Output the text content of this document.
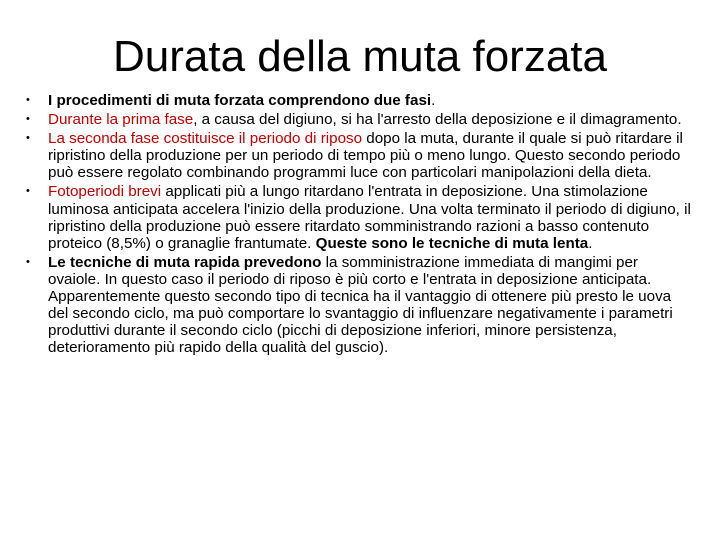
Durata della muta forzata
• I procedimenti di muta forzata comprendono due fasi.
• Durante la prima fase, a causa del digiuno, si ha l'arresto della deposizione e il dimagramento.
• La seconda fase costituisce il periodo di riposo dopo la muta, durante il quale si può ritardare il ripristino della produzione per un periodo di tempo più o meno lungo. Questo secondo periodo può essere regolato combinando programmi luce con particolari manipolazioni della dieta.
• Fotoperiodi brevi applicati più a lungo ritardano l'entrata in deposizione. Una stimolazione luminosa anticipata accelera l'inizio della produzione. Una volta terminato il periodo di digiuno, il ripristino della produzione può essere ritardato somministrando razioni a basso contenuto proteico (8,5%) o granaglie frantumate. Queste sono le tecniche di muta lenta.
• Le tecniche di muta rapida prevedono la somministrazione immediata di mangimi per ovaiole. In questo caso il periodo di riposo è più corto e l'entrata in deposizione anticipata. Apparentemente questo secondo tipo di tecnica ha il vantaggio di ottenere più presto le uova del secondo ciclo, ma può comportare lo svantaggio di influenzare negativamente i parametri produttivi durante il secondo ciclo (picchi di deposizione inferiori, minore persistenza, deterioramento più rapido della qualità del guscio).
